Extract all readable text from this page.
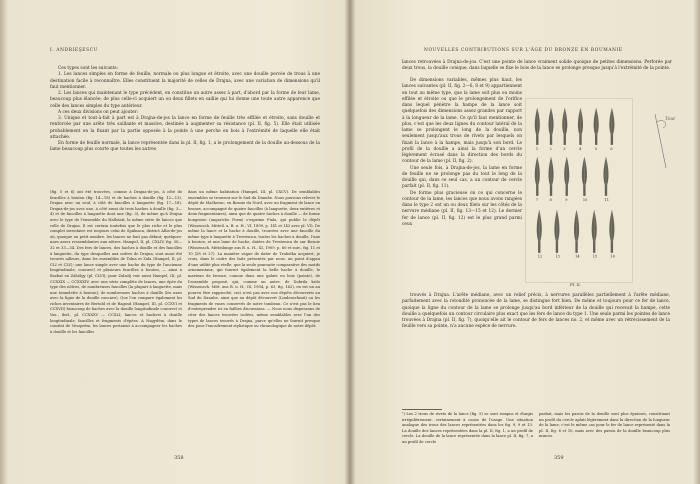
I. ANDRIEŞESCU

Ces types sont les suivants:

1. Les lances simples en forme de feuille, normale ou plus longue et étroite, avec une douille percée de trous à une destination facile à reconnaître. Elles constituent la majorité de celles de Drajna, avec une variation de dimensions qu'il faut mentionner.

2. Les lances qui maintenant le type précédent, en constitue un autre assez à part, d'abord par la forme de leur lame, beaucoup plus élancée; de plus celle-ci acquiert un ou deux fillets en saillie qui lui donne une toute autre apparence que celle des lances simples du type antérieur.

A ces deux divisions on peut ajouter:

3. Unique et tout-à-fait à part est à Drajna-de-jos la lance en forme de feuille très effilée et étroite, sans douille et renforcée par une arête très saillante et massive, destinée à augmenter sa résistance (pl. II, fig. 5). Elle était utilisée probablement en la fixant par la partie opposée à la pointe à une perche en bois à l'extrémité de laquelle elle était attachée.

En forme de feuille normale, la lance représentée dans la pl. II, fig. 1, a le prolongement de la douille au-dessous de la lame beaucoup plus courte que toutes les autres

(fig. 5 et 6) ont été trouvées, comme à Drajna-de-jos, à côté de faucilles à bouton (fig. 14—18) et de haches à douille (fig. 12—13). Drajna avec un seul, à côté de faucilles à languette (fig. 17—18). Drajna-de-jos avec une, à côté aussi de trois haches à douille (fig. 3—4) et de faucilles à languette dont une (fig. 3), de même qu'à Drajna avec le type de l'ensemble du Hallstatt, la même série de lances que celle de Drajna. Il est certain toutefois que le plus riche et le plus complet inventaire est toujours celui de Spălnaca, district Alba-de-jos où, quoique en petit nombre, les lances ne font pas défaut; quelques-unes assez ressemblantes aux nôtres. Hampel, II, pl. CXLIV, fig. 30—32 et 33—34. Des fers de lances, des haches à douille et des faucilles à languette, du type desquelles aux ordres de Drajna, sont aussi été trouvés ailleurs, dans les ensembles de Tolna et Zala (Hampel, II, pl. CLI et CLV); une lance simple avec une hache du type de l'ancienne longitudinale, concave) et plusieurs faucilles à bouton, — ainsi à Bozbat en Záhölgy (pl. CLVI); pour Zalaölj voir aussi Hampel, III, pl. CCXXIX — CCXXXIV, avec une série complète de lances, une épée du type des nôtres, de nombreuses faucilles (la plupart à languette, mais une tonnelette à bouton); de nombreuses haches à douille (les unes avec la ligne de la douille concave). Que l'on compare également les riches inventaires de Bertold et de Ragosd (Hampel, III, pl. CCXVI et CCXVII) beaucoup de haches avec la douille longitudinale concave) et Vas., ibid., pl. CCXXXV — CCXLI; lances et hachest à douille longitudinale, faucilles et fragments d'épées. A Nagydém, dans le comitat de Veszprém, les lances portaient à accompagner les haches à douille et les faucilles
dans un même habitation (Hampel, III, pl. CXCV). De semblables ensembles se trouvent sur le Sud du Danube. Nous pouvons relever le dépôt de Mačkovac, en Bosnie du Nord, avec un fragment de lance en bronze, accompagné de quatre faucilles (à languette, deux entières et deux fragmentaires), ainsi que de quatre haches à douille — de forme hongroise (angariche Form) s'exprime Fiala, qui publie le dépôt (Wissensch. Mitteil. a. B. u. H., VI, 1899, p. 141 et 142 avec pl. VI). De même la lance et la hache à douille, trouvées avec une faucille du même type à languette à Trestenica, toutes les haches à douille, l'une à bouton, et une lame de hache, datées de Trestenica de sur Bosnie (Wissensch. Mitteilunge aus B. u. H., XI, 1909, p. 60 et suiv., fig. 11 et 10 (28 et 27). La manière vague de dater de Truhelka acquiert, je crois, dans le cadre des faits présentés par nous, un point d'appui d'une utilité plus réelle, que la seule poursuite comparative des motifs ornementaux, qui fournit également la belle hache à douille, le marteau de bronze, connue dans une galate en bois (pointe), de l'ensemble proposé, qui, comme un autre, de Dobrila krdo (Wissensch. Mitt. aus B. u. H., IX, 1904, p. 63, fig. 162), en est un au pourvu être rapproché, ceci n'est pas avec nos dépôts découverts au Sud du Danube, ainsi que au dépôt découvert (Lindenschmit) ou les fragments de vases conservés de notre tombeau. Ce n'est pas le lieu d'entreprendre ici en faillies discussions. — Nous nous dispensons de citer des lances trouvées isolées, même semblables avec l'un des types de lances trouvés à Drajna, parce qu'elles ne fournit presque des pour l'encadrement stylistique ou chronologique de notre dépôt.
358
NOUVELLES CONTRIBUTIONS SUR L'ÂGE DU BRONZE EN ROUMANIE
lances retrouvées à Drajna-de-jos. C'est une pointe de lance vraiment solide quoique de petites dimensions. Perforée par deux trous, la douille conique, dans laquelle se fixe le bois de la lance se prolonge presque jusqu'à l'extrémité de la pointe.

De dimensions variables, mêmes plus haut, les lances suivantes (pl. II, fig. 2—6, 8 et 9) appartiennent en tout au même type, que la lame soit plus ou moins effilée et étroite ou que le prolongement de l'orifice dans lequel pénètre la hampe de la lance soit quelquefois des dimensions assez grandes par rapport à la longueur de la lame. Ce qu'il faut mentionner, de plus, c'est que les deux lignes du contour latéral de la lame se prolongent le long de la douille, non seulement jusqu'aux trous de rivets par lesquels on fixait la lance à la hampe, mais jusqu'à son bord. Le profil de la douille a ainsi la forme d'un cercle légèrement écrasé dans la direction des bords du contour de la lame (pl. II, fig. 2).

Une seule fois, à Drajna-de-jos, la lame en forme de feuille ne se prolonge pas du tout le long de la douille qui, dans ce seul cas, a un contour de cercle parfait (pl. II, fig. 11).

De forme plus gracieuse on ce qui concerne le contour de la lame, les lances que nous avons rangées dans le type 2 ont un ou deux filets sur les côtés de la nervure médiane (pl. II, fig. 13—15 et 12). Le dernier fer de lance (pl. II, fig. 12) est le plus grand parmi ceux

1	2	3	4	5	6
7	8	9	10	11
12	13	14	15	16
Pl. II.
Tout
trouvés à Drajna. L'arête médiane, avec un relief précis, à nervures parallèles partiellement à l'arête médiane, parfaitement avec la rotondité prononcée de la lame, se distingue fort bien. De même et toujours pour ce fer de lance, quoique la ligne du contour de la lame se prolonge jusqu'au bord inférieur de la douille qui recevait la hampe, cette douille a quelquefois un contour circulaire plus exact que les fers de lance du type 1. Une seule parmi les pointes de lance trouvées à Drajna (pl. II, fig. 7), quoiqu'elle ait le contour de fers de lances no. 2, et même avec un rétrécissement de la feuille vers sa pointe, n'a aucune espèce de nervure.
¹) Les 2 trous de rivets de la lance (fig. 5) se sont rompus et élargis irrégulièrement, certainement à cause de l'usage. Une situation analogue des trous des lances représentées dans les fig. 9, 9 et 13. La douille des lances représentées dans la pl. II, fig. 1, a un profil de cercle. La douille de la lance représentée dans la lance pl. II, fig. 7, a un profil de cercle
parfait, mais les parois de la douille sont plus épaisses, constituant un profil du cercle aplati légèrement dans la direction de la longueur de la lame; c'est le même cas pour le fer de lance représenté dans la pl. II, fig. 6 et 10, mais avec des parois de la douille beaucoup plus minces.
359
